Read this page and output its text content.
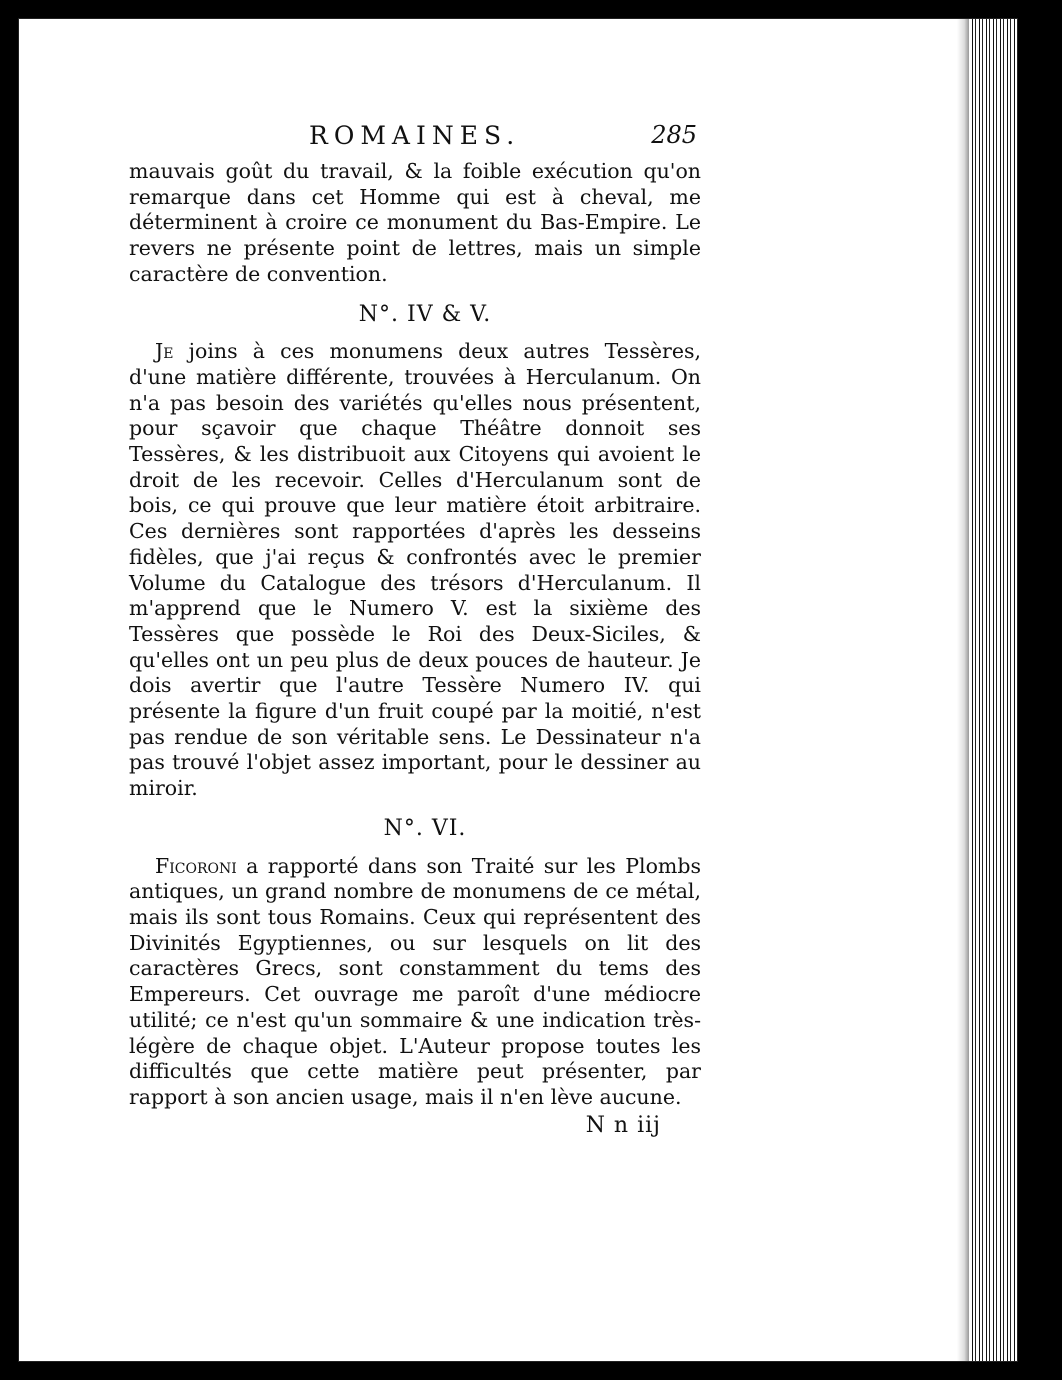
ROMAINES.	285

mauvais goût du travail, & la foible exécution qu'on remarque dans cet Homme qui est à cheval, me déterminent à croire ce monument du Bas-Empire. Le revers ne présente point de lettres, mais un simple caractère de convention.

N°. IV & V.

Je joins à ces monumens deux autres Tessères, d'une matière différente, trouvées à Herculanum. On n'a pas besoin des variétés qu'elles nous présentent, pour sçavoir que chaque Théâtre donnoit ses Tessères, & les distribuoit aux Citoyens qui avoient le droit de les recevoir. Celles d'Herculanum sont de bois, ce qui prouve que leur matière étoit arbitraire. Ces dernières sont rapportées d'après les desseins fidèles, que j'ai reçus & confrontés avec le premier Volume du Catalogue des trésors d'Herculanum. Il m'apprend que le Numero V. est la sixième des Tessères que possède le Roi des Deux-Siciles, & qu'elles ont un peu plus de deux pouces de hauteur. Je dois avertir que l'autre Tessère Numero IV. qui présente la figure d'un fruit coupé par la moitié, n'est pas rendue de son véritable sens. Le Dessinateur n'a pas trouvé l'objet assez important, pour le dessiner au miroir.

N°. VI.

Ficoroni a rapporté dans son Traité sur les Plombs antiques, un grand nombre de monumens de ce métal, mais ils sont tous Romains. Ceux qui représentent des Divinités Egyptiennes, ou sur lesquels on lit des caractères Grecs, sont constamment du tems des Empereurs. Cet ouvrage me paroît d'une médiocre utilité; ce n'est qu'un sommaire & une indication très-légère de chaque objet. L'Auteur propose toutes les difficultés que cette matière peut présenter, par rapport à son ancien usage, mais il n'en lève aucune.

N n iij
